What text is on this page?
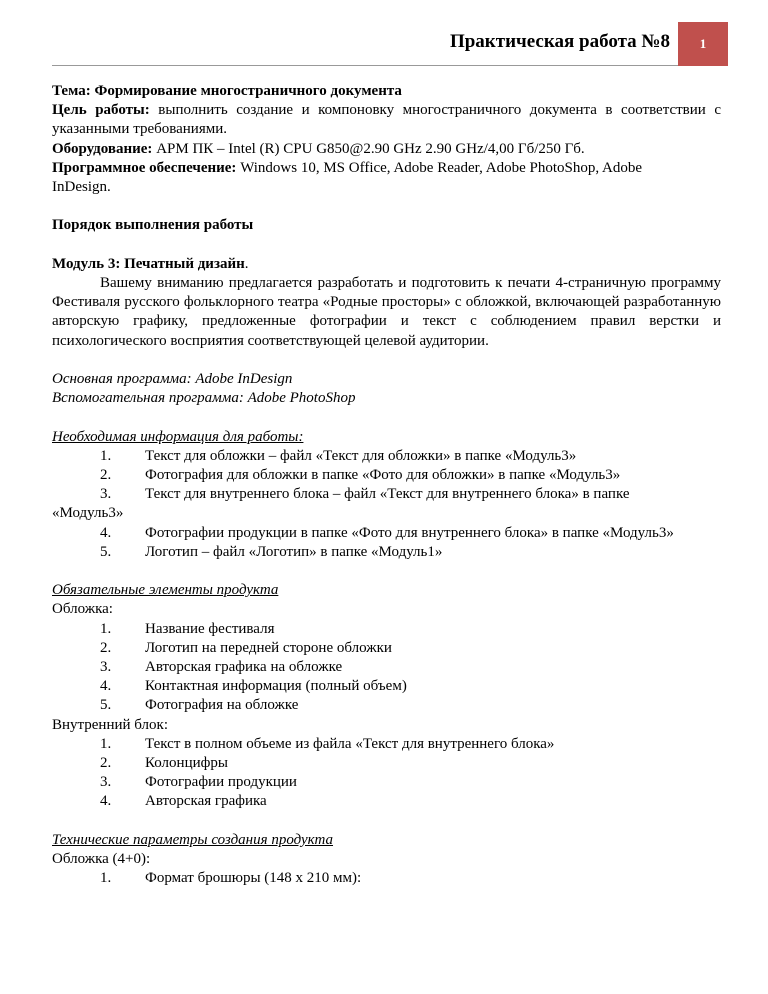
Практическая работа №8	1

Тема: Формирование многостраничного документа

Цель работы: выполнить создание и компоновку многостраничного документа в соответствии с указанными требованиями.

Оборудование: АРМ ПК – Intel (R) CPU G850@2.90 GHz 2.90 GHz/4,00 Гб/250 Гб.

Программное обеспечение: Windows 10, MS Office, Adobe Reader, Adobe PhotoShop, Adobe InDesign.

Порядок выполнения работы

Модуль 3: Печатный дизайн.

Вашему вниманию предлагается разработать и подготовить к печати 4-страничную программу Фестиваля русского фольклорного театра «Родные просторы» с обложкой, включающей разработанную авторскую графику, предложенные фотографии и текст с соблюдением правил верстки и психологического восприятия соответствующей целевой аудитории.

Основная программа: Adobe InDesign

Вспомогательная программа: Adobe PhotoShop

Необходимая информация для работы:

1.	Текст для обложки – файл «Текст для обложки» в папке «Модуль3»
2.	Фотография для обложки в папке «Фото для обложки» в папке «Модуль3»
3.	Текст для внутреннего блока – файл «Текст для внутреннего блока» в папке

«Модуль3»

4.	Фотографии продукции в папке «Фото для внутреннего блока» в папке «Модуль3»
5.	Логотип – файл «Логотип» в папке «Модуль1»

Обязательные элементы продукта

Обложка:

1.	Название фестиваля
2.	Логотип на передней стороне обложки
3.	Авторская графика на обложке
4.	Контактная информация (полный объем)
5.	Фотография на обложке

Внутренний блок:

1.	Текст в полном объеме из файла «Текст для внутреннего блока»
2.	Колонцифры
3.	Фотографии продукции
4.	Авторская графика

Технические параметры создания продукта

Обложка (4+0):

1.	Формат брошюры (148 х 210 мм):
